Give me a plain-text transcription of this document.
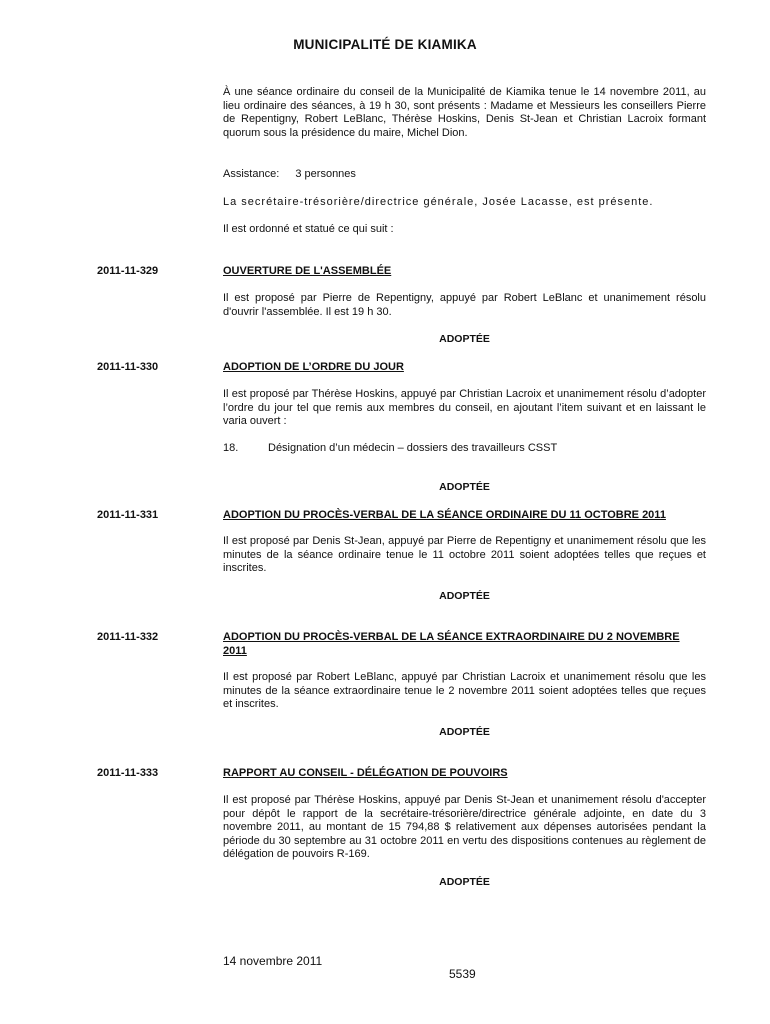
MUNICIPALITÉ DE KIAMIKA
À une séance ordinaire du conseil de la Municipalité de Kiamika tenue le 14 novembre 2011, au lieu ordinaire des séances, à 19 h 30, sont présents : Madame et Messieurs les conseillers Pierre de Repentigny, Robert LeBlanc, Thérèse Hoskins, Denis St-Jean et Christian Lacroix formant quorum sous la présidence du maire, Michel Dion.
Assistance: 3 personnes
La secrétaire-trésorière/directrice générale, Josée Lacasse, est présente.
Il est ordonné et statué ce qui suit :
2011-11-329	OUVERTURE DE L'ASSEMBLÉE
Il est proposé par Pierre de Repentigny, appuyé par Robert LeBlanc et unanimement résolu d'ouvrir l'assemblée. Il est 19 h 30.
ADOPTÉE
2011-11-330	ADOPTION DE L’ORDRE DU JOUR
Il est proposé par Thérèse Hoskins, appuyé par Christian Lacroix et unanimement résolu d’adopter l’ordre du jour tel que remis aux membres du conseil, en ajoutant l’item suivant et en laissant le varia ouvert :
18.	Désignation d’un médecin – dossiers des travailleurs CSST
ADOPTÉE
2011-11-331	ADOPTION DU PROCÈS-VERBAL DE LA SÉANCE ORDINAIRE DU 11 OCTOBRE 2011
Il est proposé par Denis St-Jean, appuyé par Pierre de Repentigny et unanimement résolu que les minutes de la séance ordinaire tenue le 11 octobre 2011 soient adoptées telles que reçues et inscrites.
ADOPTÉE
2011-11-332	ADOPTION DU PROCÈS-VERBAL DE LA SÉANCE EXTRAORDINAIRE DU 2 NOVEMBRE 2011
Il est proposé par Robert LeBlanc, appuyé par Christian Lacroix et unanimement résolu que les minutes de la séance extraordinaire tenue le 2 novembre 2011 soient adoptées telles que reçues et inscrites.
ADOPTÉE
2011-11-333	RAPPORT AU CONSEIL - DÉLÉGATION DE POUVOIRS
Il est proposé par Thérèse Hoskins, appuyé par Denis St-Jean et unanimement résolu d'accepter pour dépôt le rapport de la secrétaire-trésorière/directrice générale adjointe, en date du 3 novembre 2011, au montant de 15 794,88 $ relativement aux dépenses autorisées pendant la période du 30 septembre au 31 octobre 2011 en vertu des dispositions contenues au règlement de délégation de pouvoirs R-169.
ADOPTÉE
14 novembre 2011
5539
